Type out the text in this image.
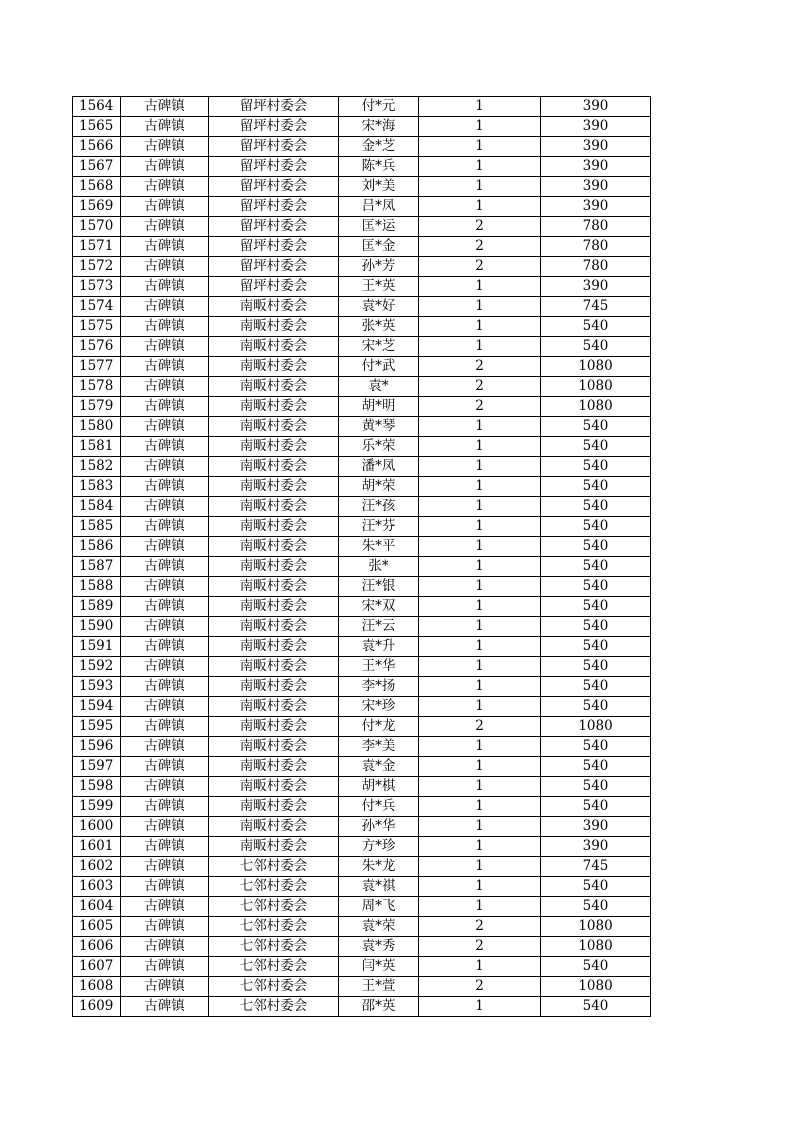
1564	古碑镇	留坪村委会	付*元	1	390
1565	古碑镇	留坪村委会	宋*海	1	390
1566	古碑镇	留坪村委会	金*芝	1	390
1567	古碑镇	留坪村委会	陈*兵	1	390
1568	古碑镇	留坪村委会	刘*美	1	390
1569	古碑镇	留坪村委会	吕*凤	1	390
1570	古碑镇	留坪村委会	匡*运	2	780
1571	古碑镇	留坪村委会	匡*金	2	780
1572	古碑镇	留坪村委会	孙*芳	2	780
1573	古碑镇	留坪村委会	王*英	1	390
1574	古碑镇	南畈村委会	袁*好	1	745
1575	古碑镇	南畈村委会	张*英	1	540
1576	古碑镇	南畈村委会	宋*芝	1	540
1577	古碑镇	南畈村委会	付*武	2	1080
1578	古碑镇	南畈村委会	袁*	2	1080
1579	古碑镇	南畈村委会	胡*明	2	1080
1580	古碑镇	南畈村委会	黄*琴	1	540
1581	古碑镇	南畈村委会	乐*荣	1	540
1582	古碑镇	南畈村委会	潘*凤	1	540
1583	古碑镇	南畈村委会	胡*荣	1	540
1584	古碑镇	南畈村委会	汪*孩	1	540
1585	古碑镇	南畈村委会	汪*芬	1	540
1586	古碑镇	南畈村委会	朱*平	1	540
1587	古碑镇	南畈村委会	张*	1	540
1588	古碑镇	南畈村委会	汪*银	1	540
1589	古碑镇	南畈村委会	宋*双	1	540
1590	古碑镇	南畈村委会	汪*云	1	540
1591	古碑镇	南畈村委会	袁*升	1	540
1592	古碑镇	南畈村委会	王*华	1	540
1593	古碑镇	南畈村委会	李*扬	1	540
1594	古碑镇	南畈村委会	宋*珍	1	540
1595	古碑镇	南畈村委会	付*龙	2	1080
1596	古碑镇	南畈村委会	李*美	1	540
1597	古碑镇	南畈村委会	袁*金	1	540
1598	古碑镇	南畈村委会	胡*棋	1	540
1599	古碑镇	南畈村委会	付*兵	1	540
1600	古碑镇	南畈村委会	孙*华	1	390
1601	古碑镇	南畈村委会	方*珍	1	390
1602	古碑镇	七邻村委会	朱*龙	1	745
1603	古碑镇	七邻村委会	袁*祺	1	540
1604	古碑镇	七邻村委会	周*飞	1	540
1605	古碑镇	七邻村委会	袁*荣	2	1080
1606	古碑镇	七邻村委会	袁*秀	2	1080
1607	古碑镇	七邻村委会	闫*英	1	540
1608	古碑镇	七邻村委会	王*萱	2	1080
1609	古碑镇	七邻村委会	邵*英	1	540
